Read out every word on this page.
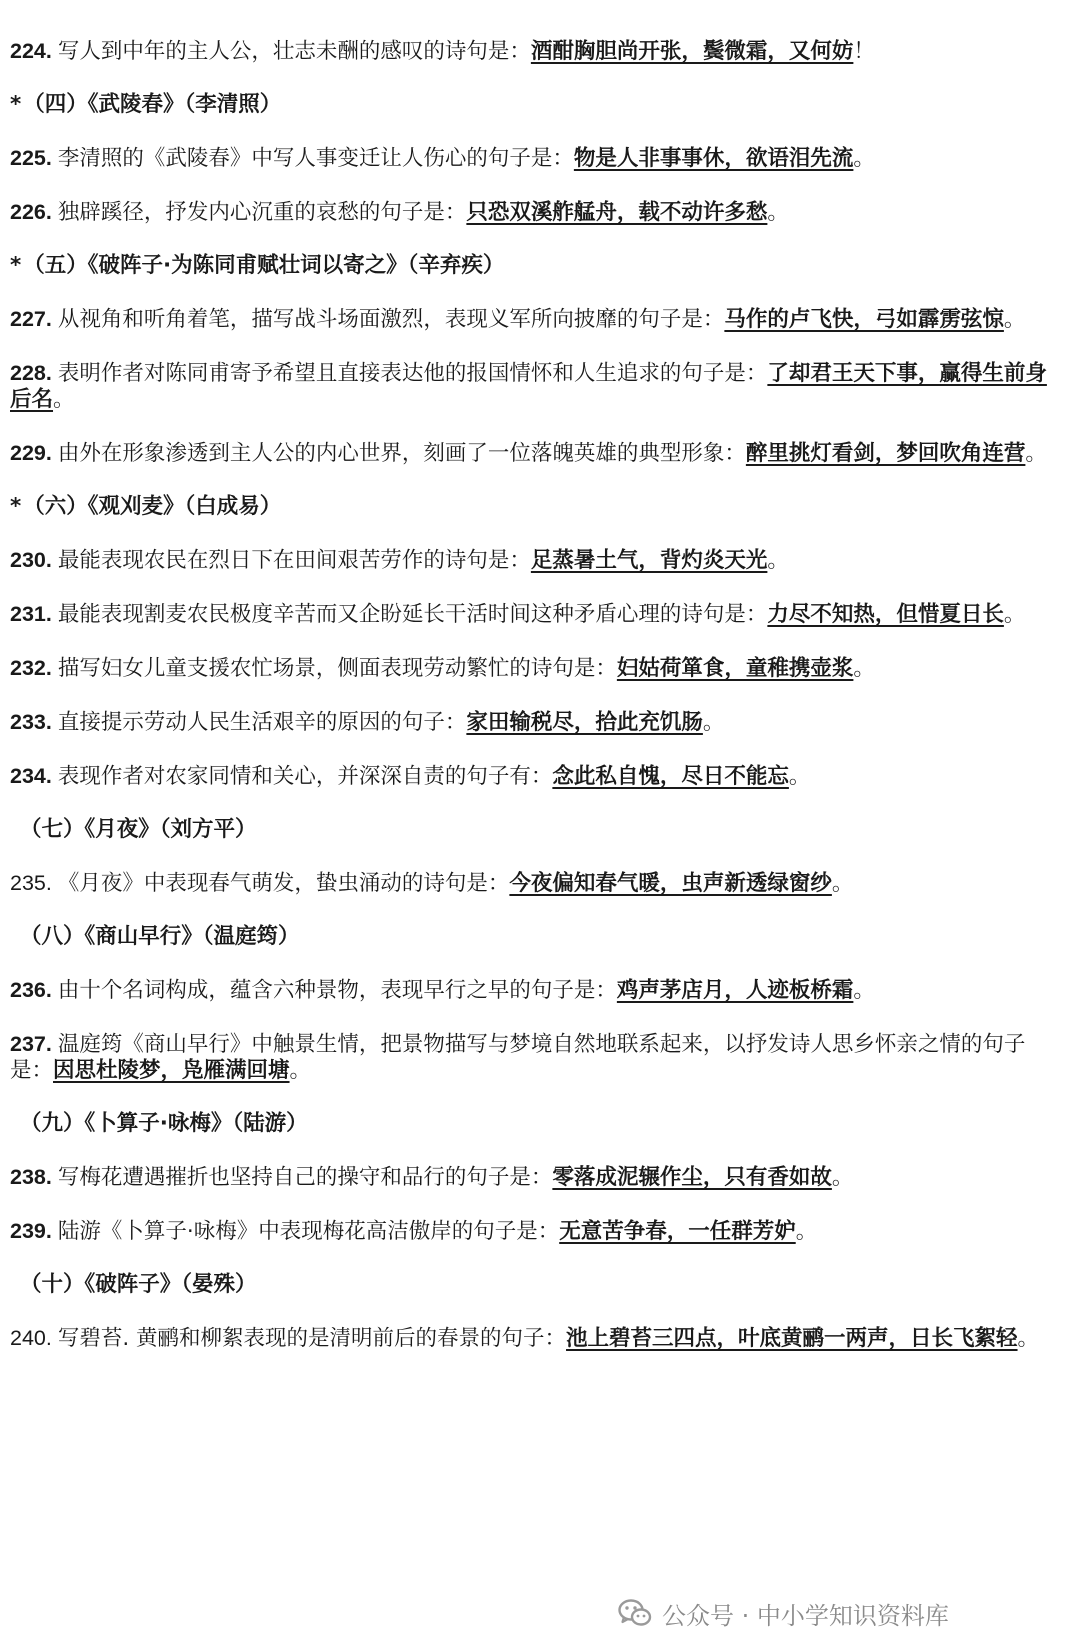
224. 写人到中年的主人公，壮志未酬的感叹的诗句是：酒酣胸胆尚开张，鬓微霜，又何妨！
*（四）《武陵春》（李清照）
225. 李清照的《武陵春》中写人事变迁让人伤心的句子是：物是人非事事休，欲语泪先流。
226. 独辟蹊径，抒发内心沉重的哀愁的句子是：只恐双溪舴艋舟，载不动许多愁。
*（五）《破阵子·为陈同甫赋壮词以寄之》（辛弃疾）
227. 从视角和听角着笔，描写战斗场面激烈，表现义军所向披靡的句子是：马作的卢飞快，弓如霹雳弦惊。
228. 表明作者对陈同甫寄予希望且直接表达他的报国情怀和人生追求的句子是：了却君王天下事，赢得生前身后名。
229. 由外在形象渗透到主人公的内心世界，刻画了一位落魄英雄的典型形象：醉里挑灯看剑，梦回吹角连营。
*（六）《观刈麦》（白成易）
230. 最能表现农民在烈日下在田间艰苦劳作的诗句是：足蒸暑土气，背灼炎天光。
231. 最能表现割麦农民极度辛苦而又企盼延长干活时间这种矛盾心理的诗句是：力尽不知热，但惜夏日长。
232. 描写妇女儿童支援农忙场景，侧面表现劳动繁忙的诗句是：妇姑荷箪食，童稚携壶浆。
233. 直接提示劳动人民生活艰辛的原因的句子：家田输税尽，拾此充饥肠。
234. 表现作者对农家同情和关心，并深深自责的句子有：念此私自愧，尽日不能忘。
（七）《月夜》（刘方平）
235. 《月夜》中表现春气萌发，蛰虫涌动的诗句是：今夜偏知春气暖，虫声新透绿窗纱。
（八）《商山早行》（温庭筠）
236. 由十个名词构成，蕴含六种景物，表现早行之早的句子是：鸡声茅店月，人迹板桥霜。
237. 温庭筠《商山早行》中触景生情，把景物描写与梦境自然地联系起来，以抒发诗人思乡怀亲之情的句子是：因思杜陵梦，凫雁满回塘。
（九）《卜算子·咏梅》（陆游）
238. 写梅花遭遇摧折也坚持自己的操守和品行的句子是：零落成泥辗作尘，只有香如故。
239. 陆游《卜算子·咏梅》中表现梅花高洁傲岸的句子是：无意苦争春，一任群芳妒。
（十）《破阵子》（晏殊）
240. 写碧苔. 黄鹂和柳絮表现的是清明前后的春景的句子：池上碧苔三四点，叶底黄鹂一两声，日长飞絮轻。
公众号 · 中小学知识资料库
